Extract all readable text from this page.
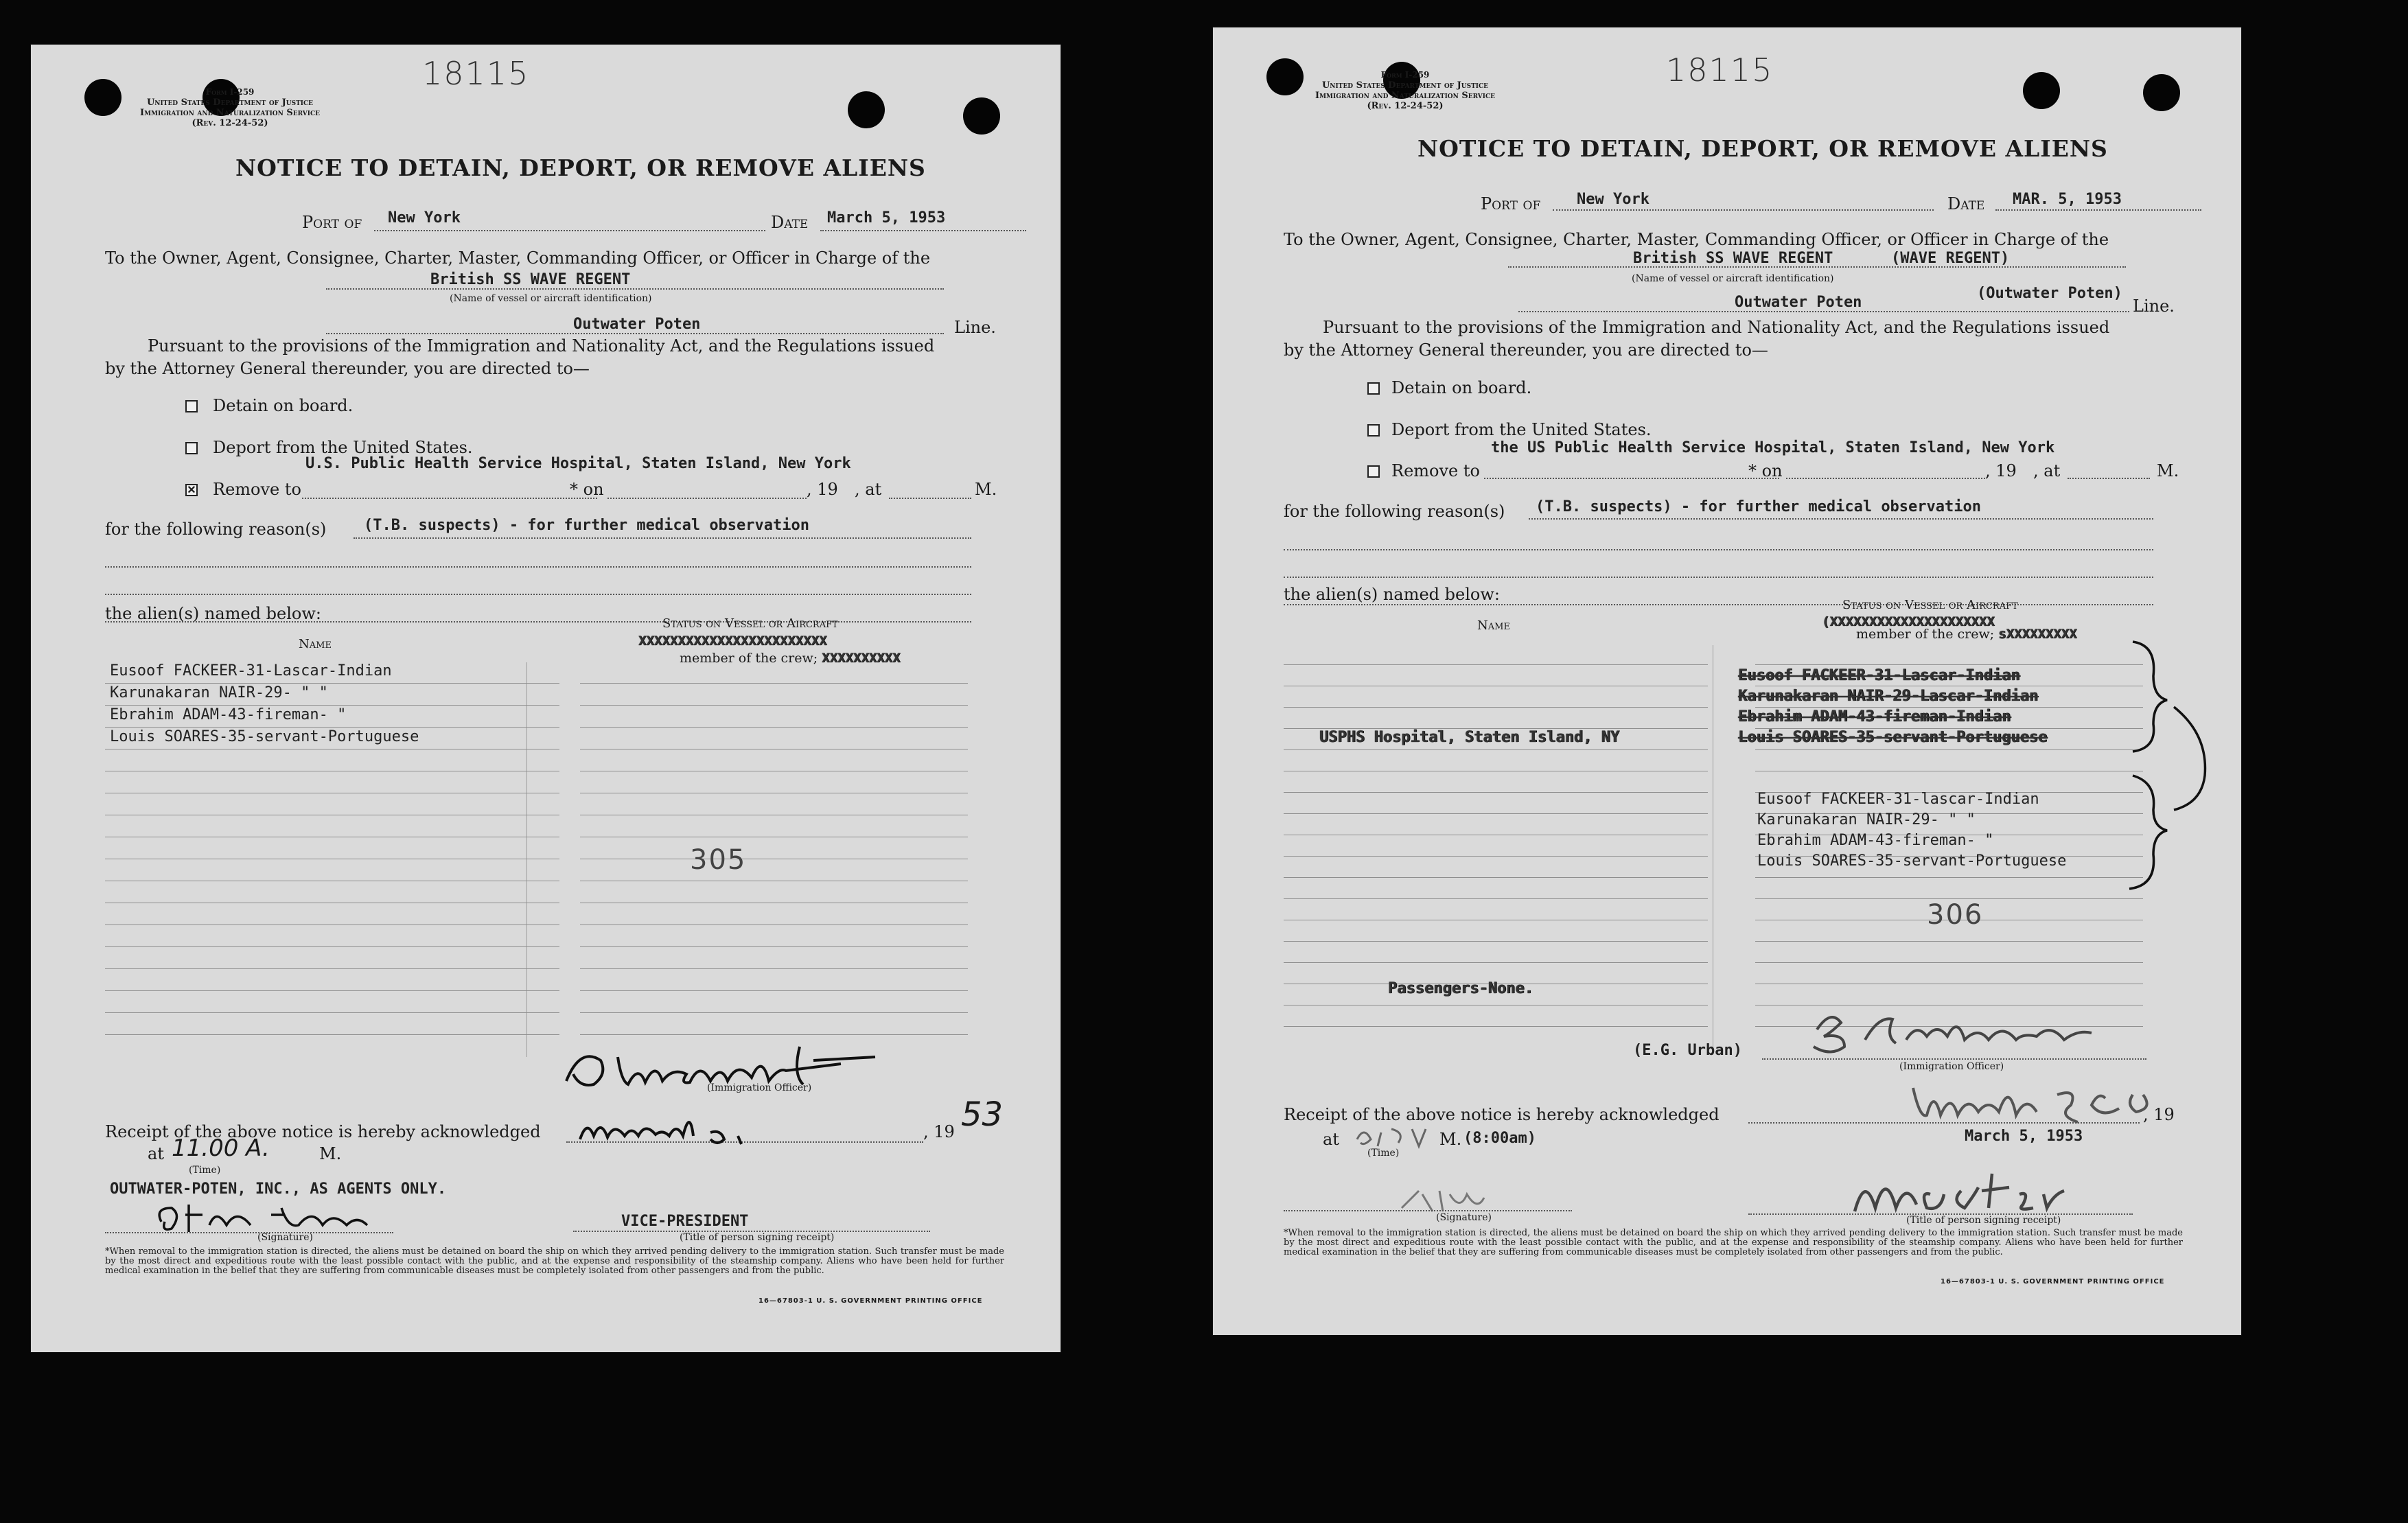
18115
Form I-259
United States Department of Justice
Immigration and Naturalization Service
(Rev. 12-24-52)
NOTICE TO DETAIN, DEPORT, OR REMOVE ALIENS
Port of New York	Date March 5, 1953
To the Owner, Agent, Consignee, Charter, Master, Commanding Officer, or Officer in Charge of the
British SS WAVE REGENT
(Name of vessel or aircraft identification)
Outwater Poten	Line.
Pursuant to the provisions of the Immigration and Nationality Act, and the Regulations issued
by the Attorney General thereunder, you are directed to—
Detain on board.
Deport from the United States.
✕ Remove to
U.S. Public Health Service Hospital, Staten Island, New York
* on	, 19 , at	M.
for the following reason(s) (T.B. suspects) - for further medical observation
the alien(s) named below:
Name
Status on Vessel or Aircraft
member of the crew; XXXXXXXXXX
XXXXXXXXXXXXXXXXXXXXXXXX
Eusoof FACKEER-31-Lascar-Indian
Karunakaran NAIR-29- " "
Ebrahim ADAM-43-fireman- "
Louis SOARES-35-servant-Portuguese
305
(Immigration Officer)
Receipt of the above notice is hereby acknowledged	, 19 53
at 11.00 A.	M.
(Time)
OUTWATER-POTEN, INC., AS AGENTS ONLY.
(Signature)
VICE-PRESIDENT
(Title of person signing receipt)
*When removal to the immigration station is directed, the aliens must be detained on board the ship on which they arrived pending delivery to the immigration station. Such transfer must be made by the most direct and expeditious route with the least possible contact with the public, and at the expense and responsibility of the steamship company. Aliens who have been held for further medical examination in the belief that they are suffering from communicable diseases must be completely isolated from other passengers and from the public.
16—67803-1 U. S. GOVERNMENT PRINTING OFFICE
18115
Form I-259
United States Department of Justice
Immigration and Naturalization Service
(Rev. 12-24-52)
NOTICE TO DETAIN, DEPORT, OR REMOVE ALIENS
Port of New York	Date MAR. 5, 1953
To the Owner, Agent, Consignee, Charter, Master, Commanding Officer, or Officer in Charge of the
British SS WAVE REGENT	(WAVE REGENT)
(Name of vessel or aircraft identification)
Outwater Poten
(Outwater Poten)
Line.
Pursuant to the provisions of the Immigration and Nationality Act, and the Regulations issued
by the Attorney General thereunder, you are directed to—
Detain on board.
Deport from the United States.
Remove to
the US Public Health Service Hospital, Staten Island, New York
* on	, 19 , at	M.
for the following reason(s) (T.B. suspects) - for further medical observation
the alien(s) named below:
Name
Status on Vessel or Aircraft
(XXXXXXXXXXXXXXXXXXXXX
member of the crew; sXXXXXXXXX
USPHS Hospital, Staten Island, NY
Eusoof FACKEER-31-Lascar-Indian
Karunakaran NAIR-29-Lascar-Indian
Ebrahim ADAM-43-fireman-Indian
Louis SOARES-35-servant-Portuguese
Eusoof FACKEER-31-lascar-Indian
Karunakaran NAIR-29- " "
Ebrahim ADAM-43-fireman- "
Louis SOARES-35-servant-Portuguese
306
Passengers-None.
(E.G. Urban)
(Immigration Officer)
Receipt of the above notice is hereby acknowledged	, 19
March 5, 1953
at	M. (8:00am)
(Time)
(Signature)	(Title of person signing receipt)
*When removal to the immigration station is directed, the aliens must be detained on board the ship on which they arrived pending delivery to the immigration station. Such transfer must be made by the most direct and expeditious route with the least possible contact with the public, and at the expense and responsibility of the steamship company. Aliens who have been held for further medical examination in the belief that they are suffering from communicable diseases must be completely isolated from other passengers and from the public.
16—67803-1 U. S. GOVERNMENT PRINTING OFFICE
